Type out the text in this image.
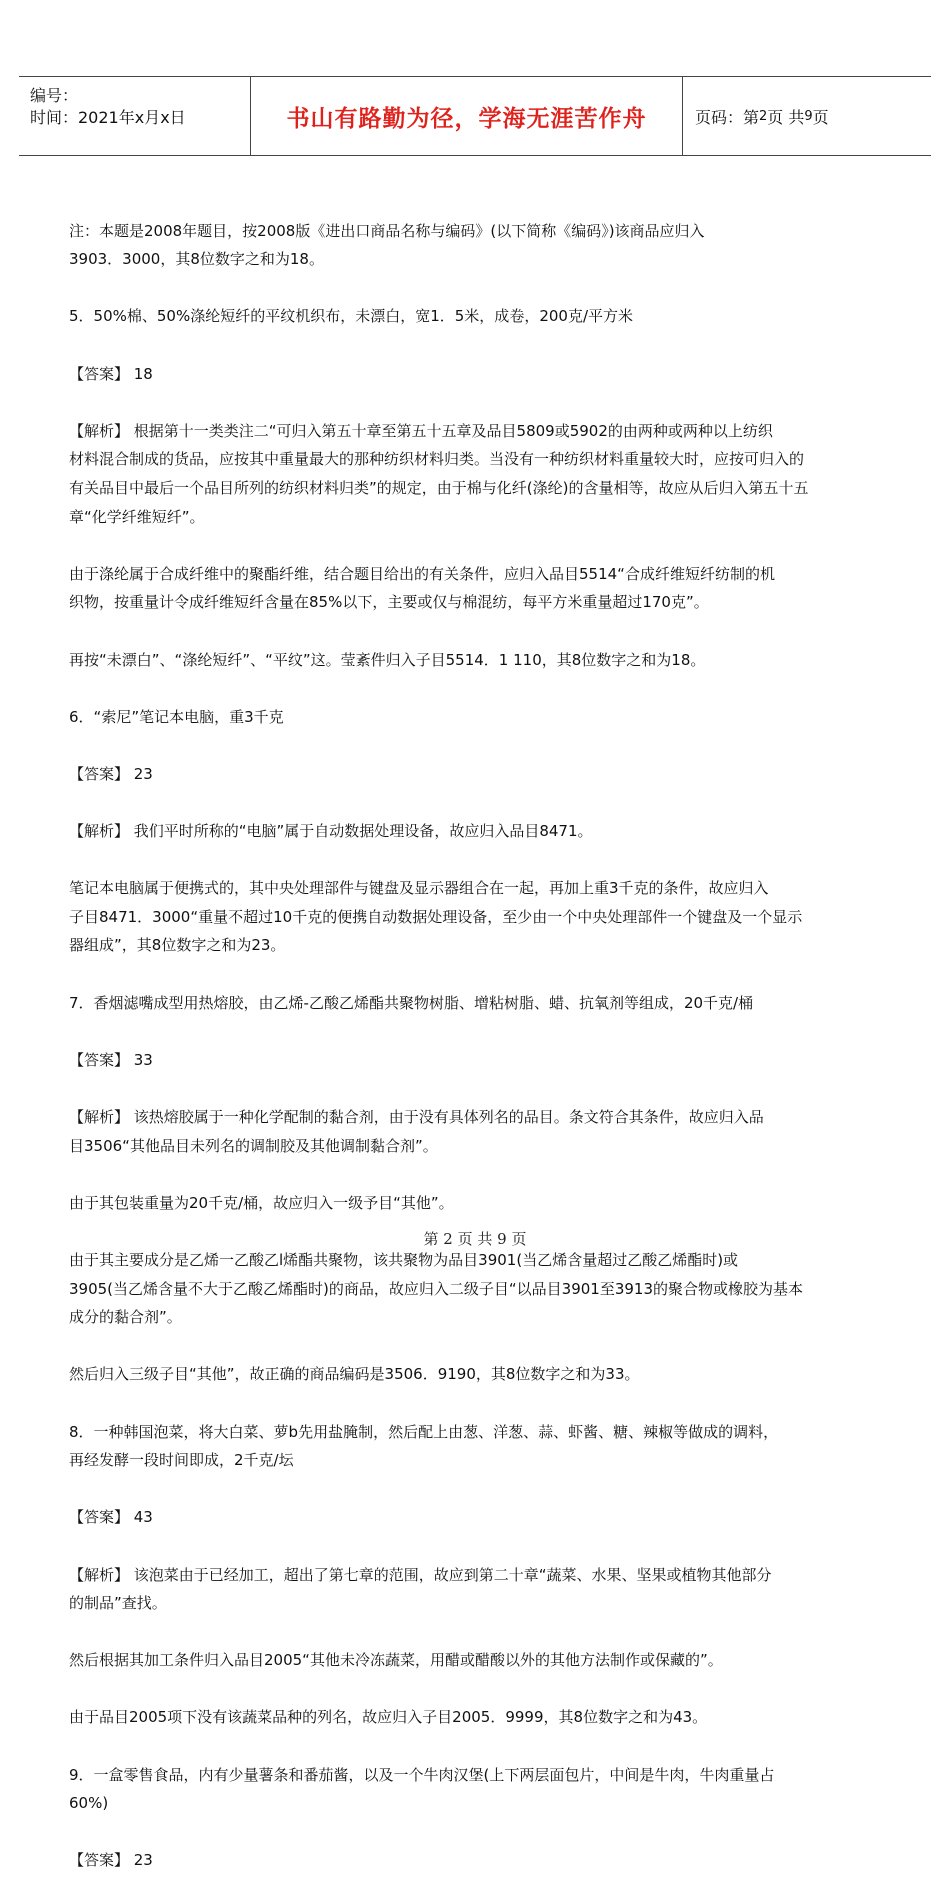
编号：
时间：2021年x月x日	书山有路勤为径，学海无涯苦作舟	页码：第 2 页 共 9 页

注：本题是2008年题目，按2008版《进出口商品名称与编码》(以下简称《编码》)该商品应归入
3903．3000，其8位数字之和为18。

5．50%棉、50%涤纶短纤的平纹机织布，未漂白，宽1．5米，成卷，200克/平方米

【答案】 18

【解析】 根据第十一类类注二“可归入第五十章至第五十五章及品目5809或5902的由两种或两种以上纺织
材料混合制成的货品，应按其中重量最大的那种纺织材料归类。当没有一种纺织材料重量较大时，应按可归入的
有关品目中最后一个品目所列的纺织材料归类”的规定，由于棉与化纤(涤纶)的含量相等，故应从后归入第五十五
章“化学纤维短纤”。

由于涤纶属于合成纤维中的聚酯纤维，结合题目给出的有关条件，应归入品目5514“合成纤维短纤纺制的机
织物，按重量计令成纤维短纤含量在85%以下，主要或仅与棉混纺，每平方米重量超过170克”。

再按“未漂白”、“涤纶短纤”、“平纹”这。莹紊件归入子目5514．1 110，其8位数字之和为18。

6．“索尼”笔记本电脑，重3千克

【答案】 23

【解析】 我们平时所称的“电脑”属于自动数据处理设备，故应归入品目8471。

笔记本电脑属于便携式的，其中央处理部件与键盘及显示器组合在一起，再加上重3千克的条件，故应归入
子目8471．3000“重量不超过10千克的便携自动数据处理设备，至少由一个中央处理部件一个键盘及一个显示
器组成”，其8位数字之和为23。

7．香烟滤嘴成型用热熔胶，由乙烯-乙酸乙烯酯共聚物树脂、增粘树脂、蜡、抗氧剂等组成，20千克/桶

【答案】 33

【解析】 该热熔胶属于一种化学配制的黏合剂，由于没有具体列名的品目。条文符合其条件，故应归入品
目3506“其他品目未列名的调制胶及其他调制黏合剂”。

由于其包装重量为20千克/桶，故应归入一级予目“其他”。

由于其主要成分是乙烯一乙酸乙l烯酯共聚物，该共聚物为品目3901(当乙烯含量超过乙酸乙烯酯时)或
3905(当乙烯含量不大于乙酸乙烯酯时)的商品，故应归入二级子目“以品目3901至3913的聚合物或橡胶为基本
成分的黏合剂”。

然后归入三级子目“其他”，故正确的商品编码是3506．9190，其8位数字之和为33。

8．一种韩国泡菜，将大白菜、萝b先用盐腌制，然后配上由葱、洋葱、蒜、虾酱、糖、辣椒等做成的调料，
再经发酵一段时间即成，2千克/坛

【答案】 43

【解析】 该泡菜由于已经加工，超出了第七章的范围，故应到第二十章“蔬菜、水果、坚果或植物其他部分
的制品”查找。

然后根据其加工条件归入品目2005“其他未冷冻蔬菜，用醋或醋酸以外的其他方法制作或保藏的”。

由于品目2005项下没有该蔬菜品种的列名，故应归入子目2005．9999，其8位数字之和为43。

9．一盒零售食品，内有少量薯条和番茄酱，以及一个牛肉汉堡(上下两层面包片，中间是牛肉，牛肉重量占
60%)

【答案】 23

第 2 页 共 9 页
